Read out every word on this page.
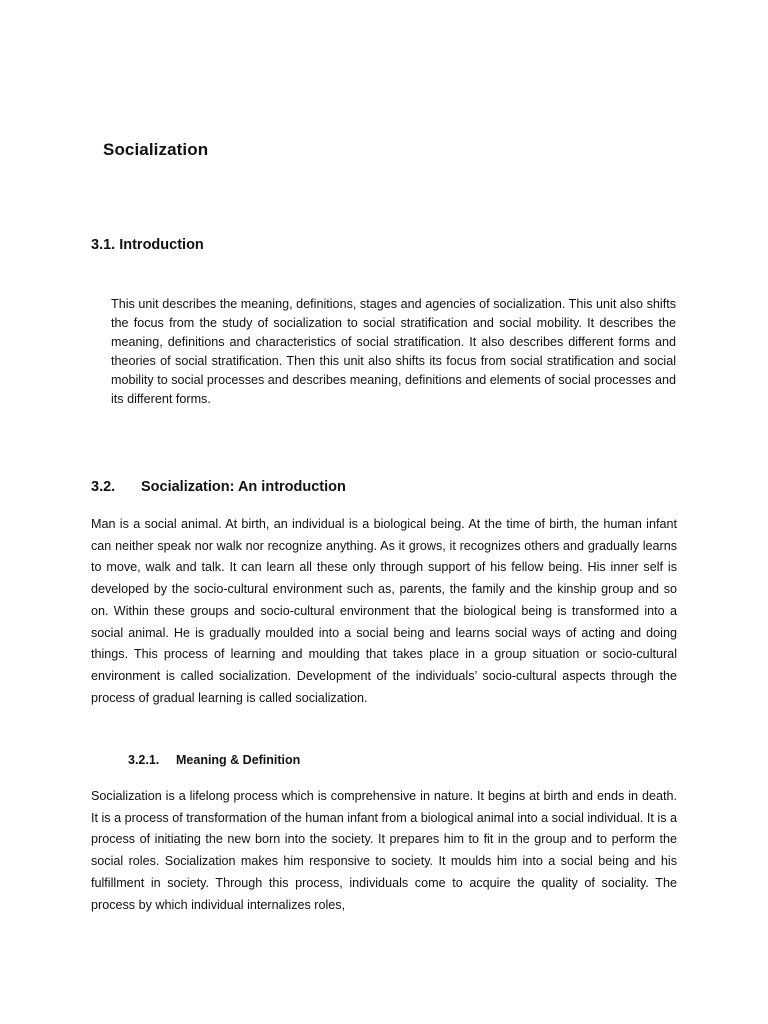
Socialization
3.1. Introduction
This unit describes the meaning, definitions, stages and agencies of socialization. This unit also shifts the focus from the study of socialization to social stratification and social mobility. It describes the meaning, definitions and characteristics of social stratification. It also describes different forms and theories of social stratification. Then this unit also shifts its focus from social stratification and social mobility to social processes and describes meaning, definitions and elements of social processes and its different forms.
3.2. Socialization: An introduction
Man is a social animal. At birth, an individual is a biological being. At the time of birth, the human infant can neither speak nor walk nor recognize anything. As it grows, it recognizes others and gradually learns to move, walk and talk. It can learn all these only through support of his fellow being. His inner self is developed by the socio-cultural environment such as, parents, the family and the kinship group and so on. Within these groups and socio-cultural environment that the biological being is transformed into a social animal. He is gradually moulded into a social being and learns social ways of acting and doing things. This process of learning and moulding that takes place in a group situation or socio-cultural environment is called socialization. Development of the individuals’ socio-cultural aspects through the process of gradual learning is called socialization.
3.2.1. Meaning & Definition
Socialization is a lifelong process which is comprehensive in nature. It begins at birth and ends in death. It is a process of transformation of the human infant from a biological animal into a social individual. It is a process of initiating the new born into the society. It prepares him to fit in the group and to perform the social roles. Socialization makes him responsive to society. It moulds him into a social being and his fulfillment in society. Through this process, individuals come to acquire the quality of sociality. The process by which individual internalizes roles,
